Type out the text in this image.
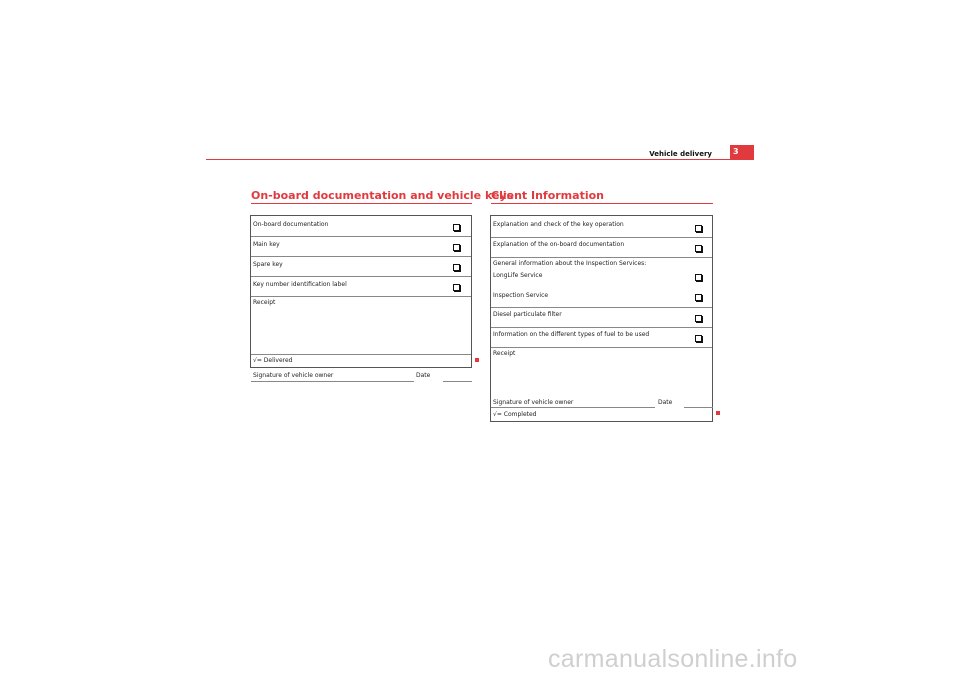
Vehicle delivery	3
On-board documentation and vehicle keys
On-board documentation
Main key
Spare key
Key number identification label
Receipt
Signature of vehicle owner	Date
√= Delivered
Client Information
Explanation and check of the key operation
Explanation of the on-board documentation
General information about the Inspection Services:
LongLife Service
Inspection Service
Diesel particulate filter
Information on the different types of fuel to be used
Receipt
Signature of vehicle owner	Date
√= Completed
carmanualsonline.info
